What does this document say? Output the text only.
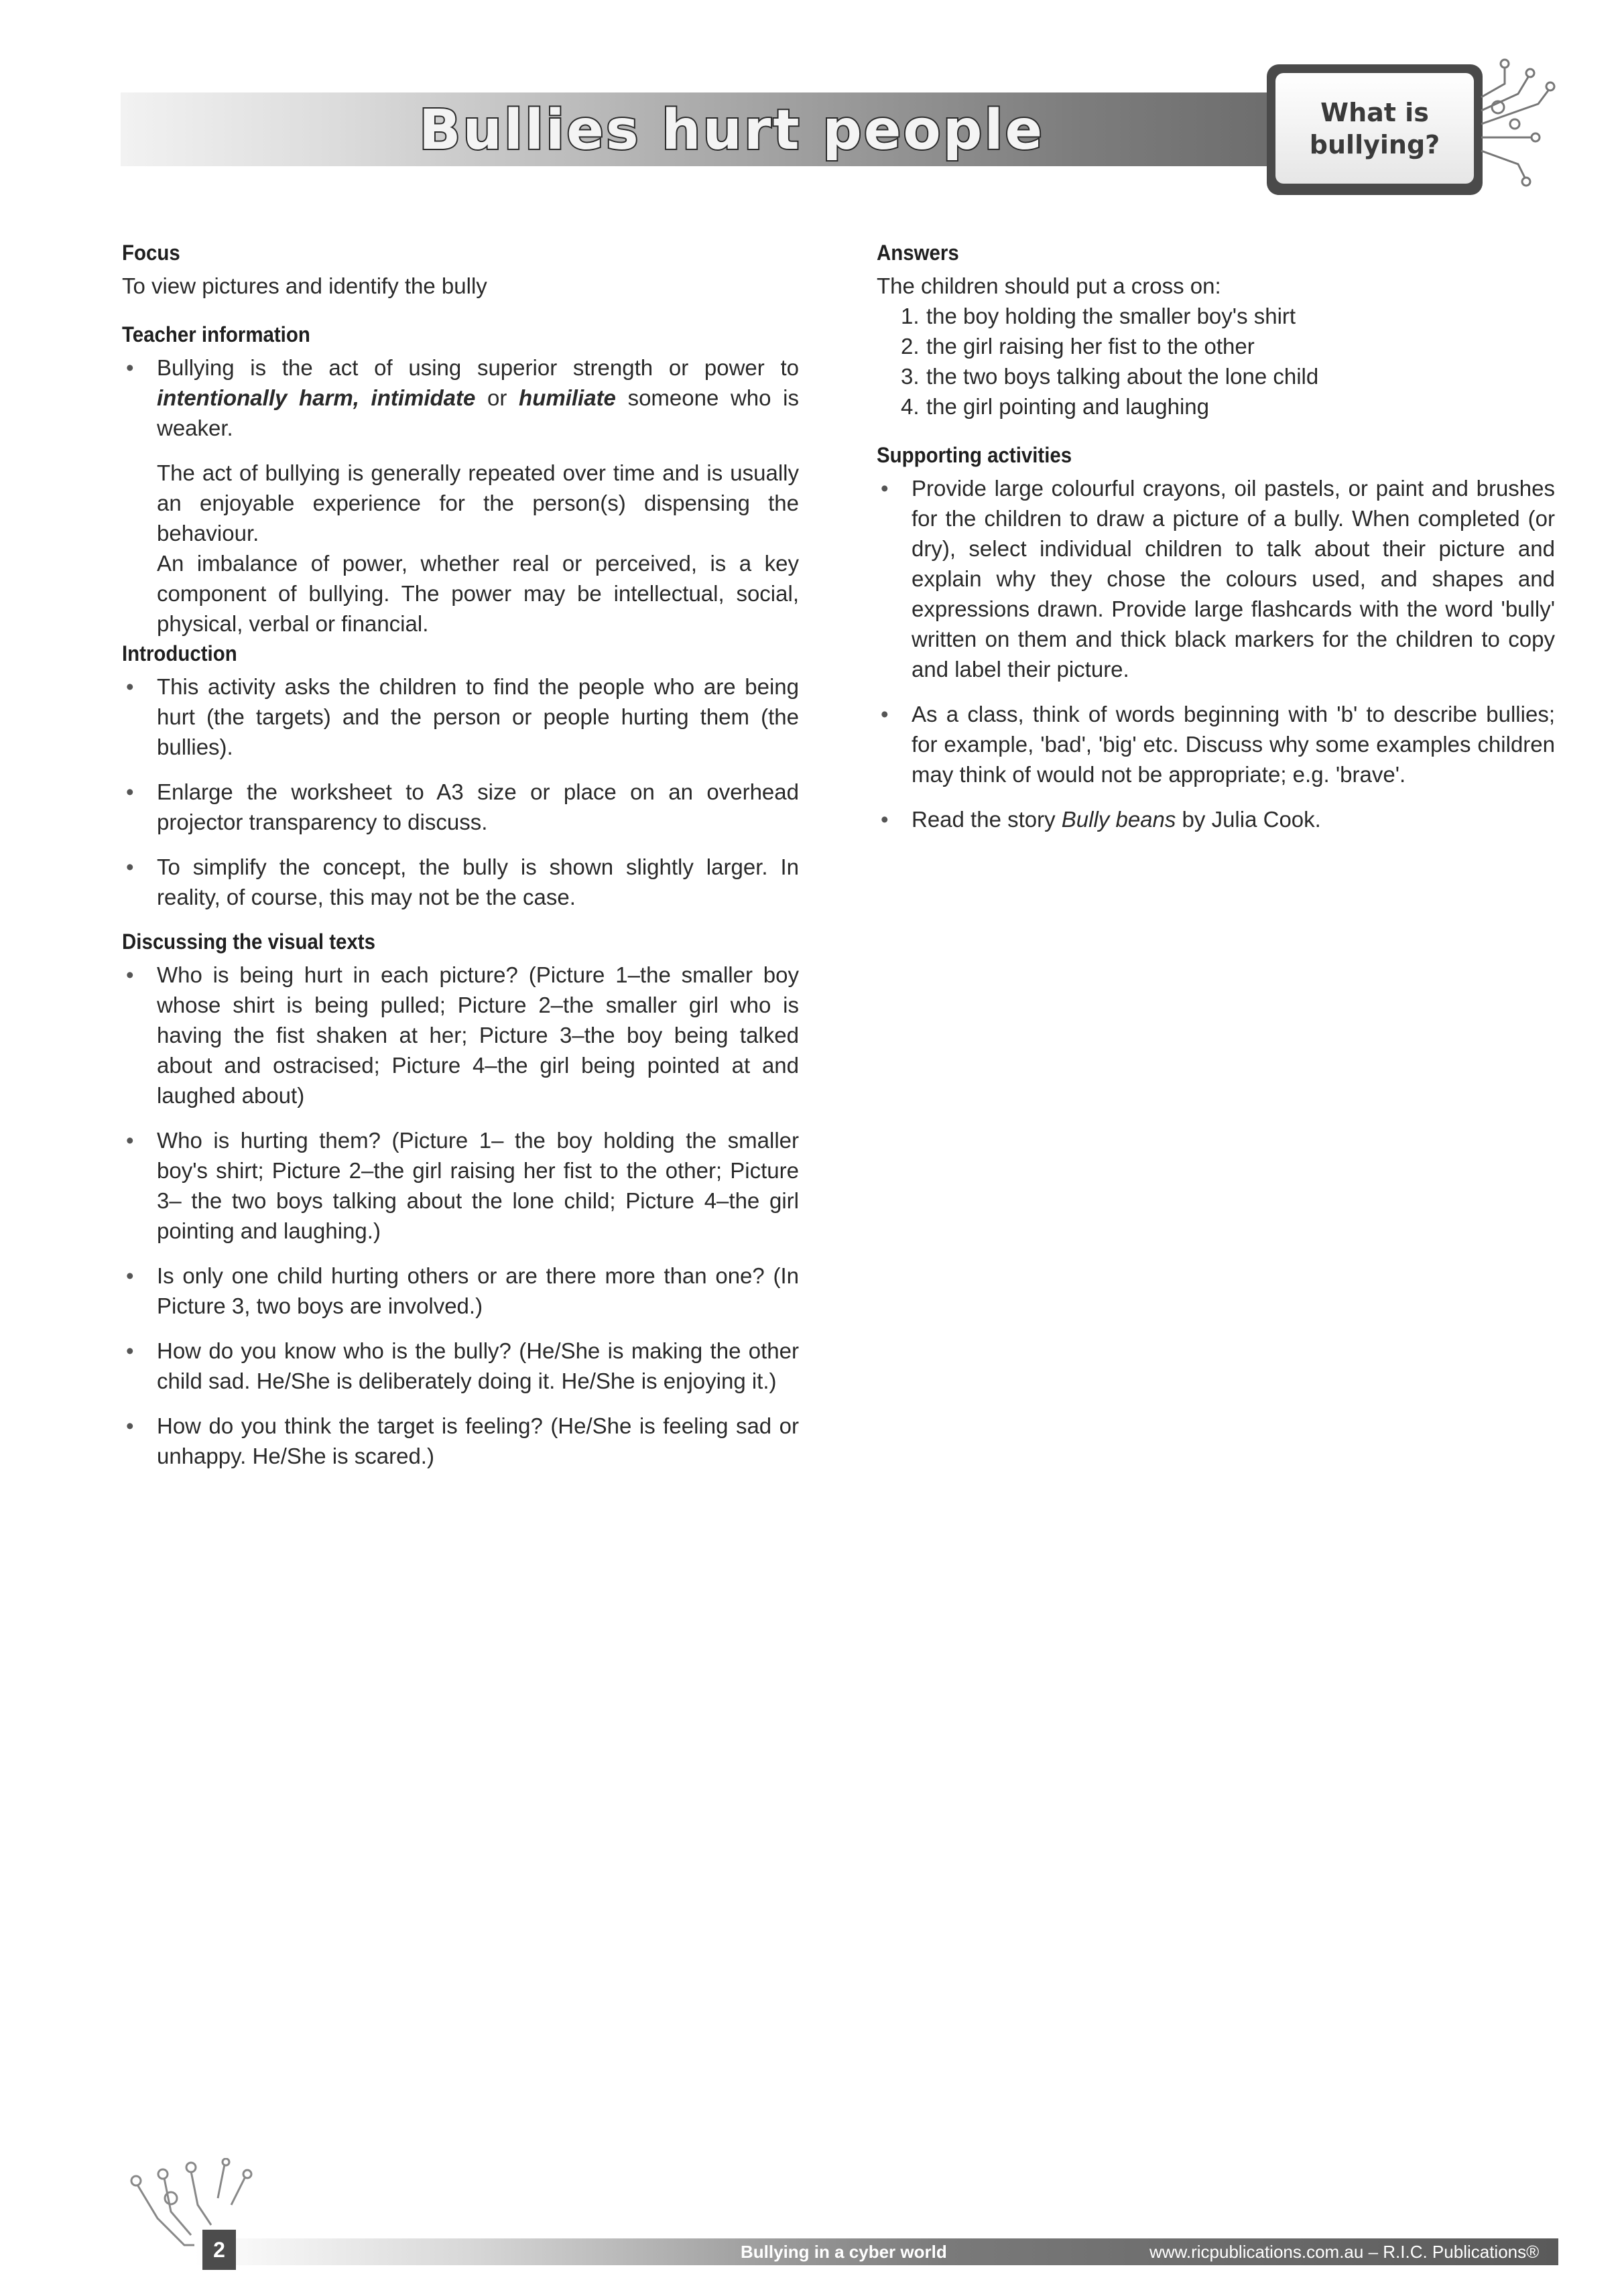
Bullies hurt people	What is
bullying?
Focus

To view pictures and identify the bully

Teacher information
• Bullying is the act of using superior strength or power to intentionally harm, intimidate or humiliate someone who is weaker.

The act of bullying is generally repeated over time and is usually an enjoyable experience for the person(s) dispensing the behaviour.

An imbalance of power, whether real or perceived, is a key component of bullying. The power may be intellectual, social, physical, verbal or financial.

Introduction
• This activity asks the children to find the people who are being hurt (the targets) and the person or people hurting them (the bullies).
• Enlarge the worksheet to A3 size or place on an overhead projector transparency to discuss.
• To simplify the concept, the bully is shown slightly larger. In reality, of course, this may not be the case.
Discussing the visual texts
• Who is being hurt in each picture? (Picture 1–the smaller boy whose shirt is being pulled; Picture 2–the smaller girl who is having the fist shaken at her; Picture 3–the boy being talked about and ostracised; Picture 4–the girl being pointed at and laughed about)
• Who is hurting them? (Picture 1– the boy holding the smaller boy's shirt; Picture 2–the girl raising her fist to the other; Picture 3– the two boys talking about the lone child; Picture 4–the girl pointing and laughing.)
• Is only one child hurting others or are there more than one? (In Picture 3, two boys are involved.)
• How do you know who is the bully? (He/She is making the other child sad. He/She is deliberately doing it. He/She is enjoying it.)
• How do you think the target is feeling? (He/She is feeling sad or unhappy. He/She is scared.)
Answers

The children should put a cross on:

1. the boy holding the smaller boy's shirt
2. the girl raising her fist to the other
3. the two boys talking about the lone child
4. the girl pointing and laughing
Supporting activities
• Provide large colourful crayons, oil pastels, or paint and brushes for the children to draw a picture of a bully. When completed (or dry), select individual children to talk about their picture and explain why they chose the colours used, and shapes and expressions drawn. Provide large flashcards with the word 'bully' written on them and thick black markers for the children to copy and label their picture.
• As a class, think of words beginning with 'b' to describe bullies; for example, 'bad', 'big' etc. Discuss why some examples children may think of would not be appropriate; e.g. 'brave'.
• Read the story Bully beans by Julia Cook.
2	Bullying in a cyber world	www.ricpublications.com.au – R.I.C. Publications®
